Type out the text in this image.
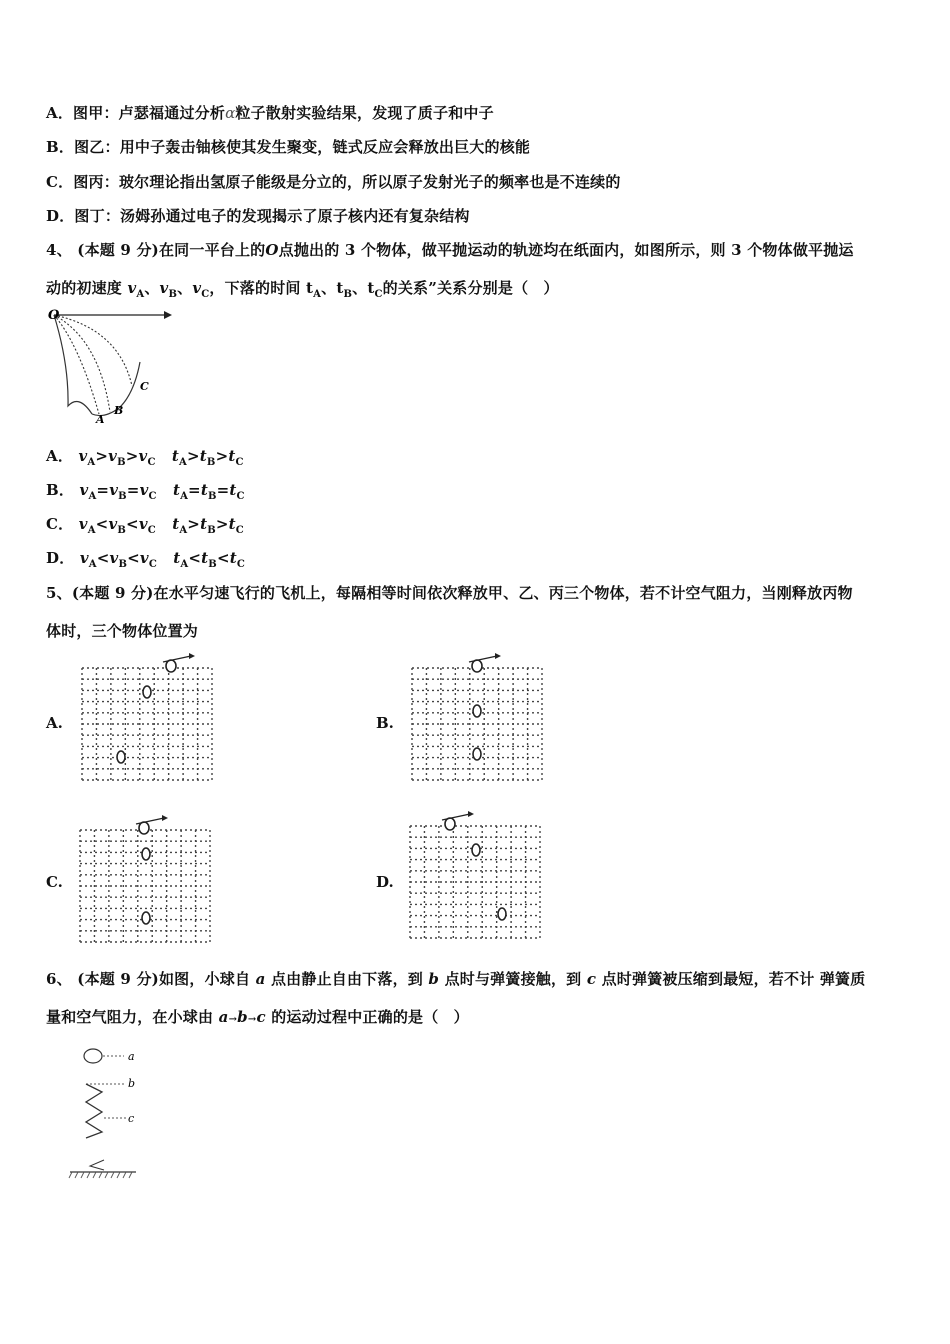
A．图甲：卢瑟福通过分析α粒子散射实验结果，发现了质子和中子
B．图乙：用中子轰击铀核使其发生聚变，链式反应会释放出巨大的核能
C．图丙：玻尔理论指出氢原子能级是分立的，所以原子发射光子的频率也是不连续的
D．图丁：汤姆孙通过电子的发现揭示了原子核内还有复杂结构
4、 (本题 9 分)在同一平台上的O点抛出的 3 个物体，做平抛运动的轨迹均在纸面内，如图所示，则 3 个物体做平抛运
动的初速度 $v_A$、$v_B$、$v_C$，下落的时间 $t_A$、$t_B$、$t_C$的关系”关系分别是（　）
O
A
B
C
A． $v_A>v_B>v_C$ $t_A>t_B>t_C$
B． $v_A=v_B=v_C$ $t_A=t_B=t_C$
C． $v_A<v_B<v_C$ $t_A>t_B>t_C$
D． $v_A<v_B<v_C$ $t_A<t_B<t_C$
5、(本题 9 分)在水平匀速飞行的飞机上，每隔相等时间依次释放甲、乙、丙三个物体，若不计空气阻力，当刚释放丙物
体时，三个物体位置为
A.	B.
C.	D.
6、 (本题 9 分)如图，小球自 a 点由静止自由下落，到 b 点时与弹簧接触，到 c 点时弹簧被压缩到最短，若不计 弹簧质
量和空气阻力，在小球由 a→b→c 的运动过程中正确的是（　）
a
b
c
